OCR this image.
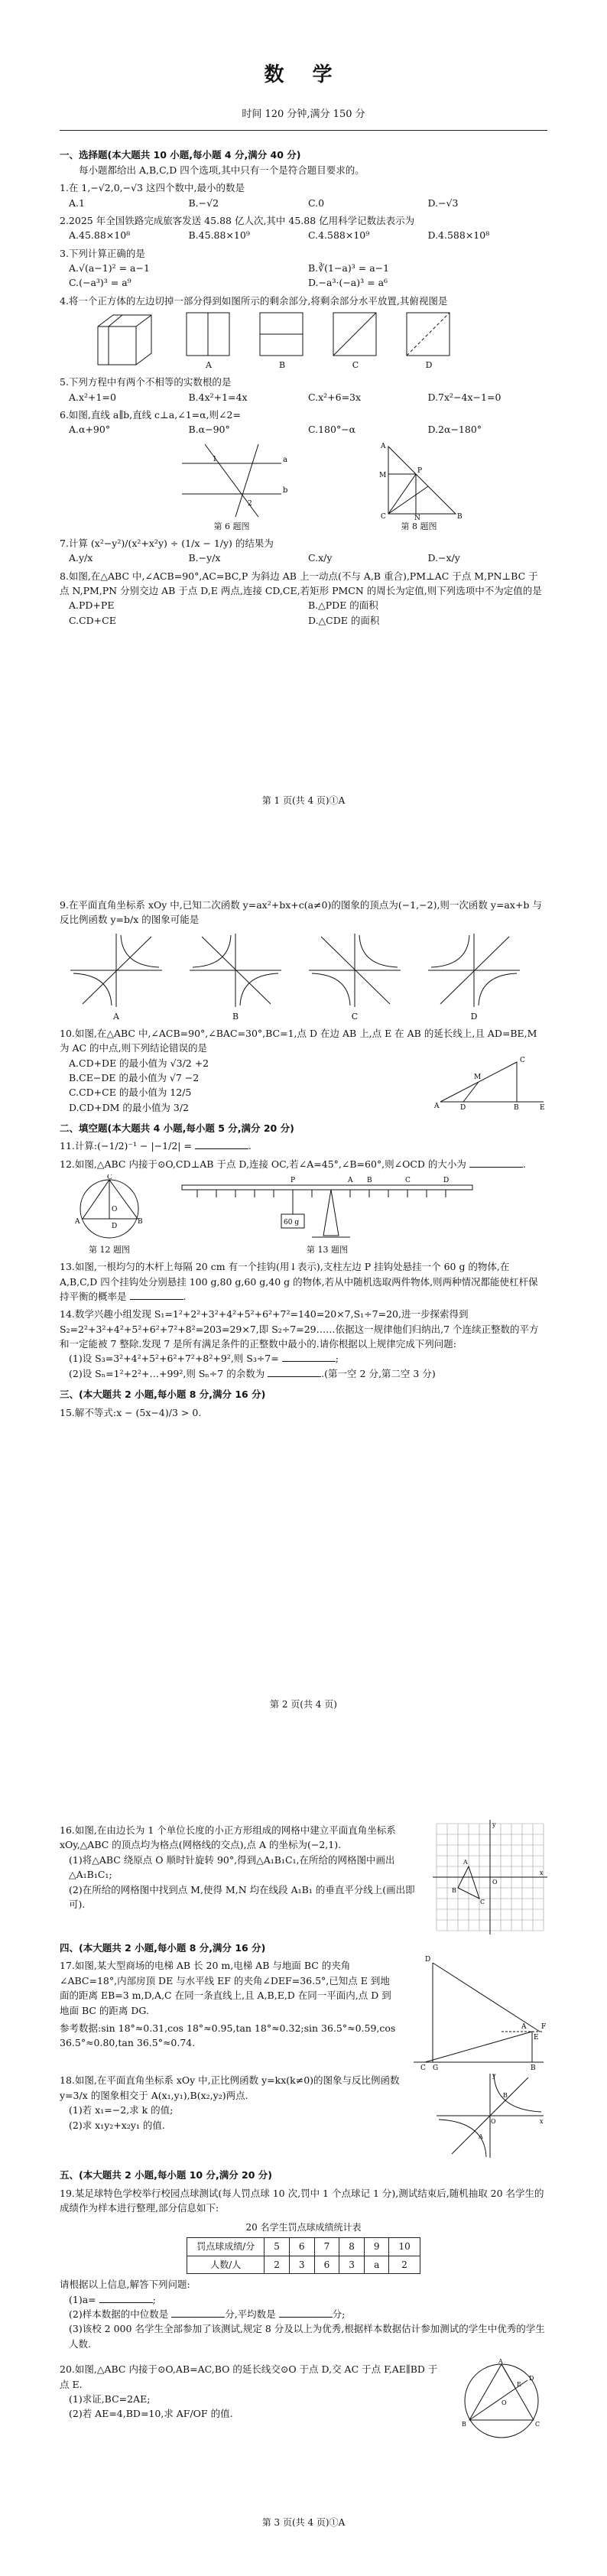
数 学
时间 120 分钟,满分 150 分
一、选择题(本大题共 10 小题,每小题 4 分,满分 40 分)
每小题都给出 A,B,C,D 四个选项,其中只有一个是符合题目要求的。
1.在 1,−√2,0,−√3 这四个数中,最小的数是
A.1	B.−√2	C.0	D.−√3
2.2025 年全国铁路完成旅客发送 45.88 亿人次,其中 45.88 亿用科学记数法表示为
A.45.88×10⁸	B.45.88×10⁹	C.4.588×10⁹	D.4.588×10⁸
3.下列计算正确的是
A.√(a−1)² = a−1	B.∛(1−a)³ = a−1
C.(−a³)³ = a⁹	D.−a³·(−a)³ = a⁶
4.将一个正方体的左边切掉一部分得到如图所示的剩余部分,将剩余部分水平放置,其俯视图是
A	B	C	D
5.下列方程中有两个不相等的实数根的是
A.x²+1=0	B.4x²+1=4x	C.x²+6=3x	D.7x²−4x−1=0
6.如图,直线 a∥b,直线 c⊥a,∠1=α,则∠2=
A.α+90°	B.α−90°	C.180°−α	D.2α−180°
a
b
1
2
第 6 题图
A
M
C	B
P
N
第 8 题图
7.计算 (x²−y²)/(x²+x²y) ÷ (1/x − 1/y) 的结果为
A.y/x	B.−y/x	C.x/y	D.−x/y
8.如图,在△ABC 中,∠ACB=90°,AC=BC,P 为斜边 AB 上一动点(不与 A,B 重合),PM⊥AC 于点 M,PN⊥BC 于点 N,PM,PN 分别交边 AB 于点 D,E 两点,连接 CD,CE,若矩形 PMCN 的周长为定值,则下列选项中不为定值的是
A.PD+PE	B.△PDE 的面积
C.CD+CE	D.△CDE 的面积
第 1 页(共 4 页)①A
9.在平面直角坐标系 xOy 中,已知二次函数 y=ax²+bx+c(a≠0)的图象的顶点为(−1,−2),则一次函数 y=ax+b 与反比例函数 y=b/x 的图象可能是
A	B	C	D
10.如图,在△ABC 中,∠ACB=90°,∠BAC=30°,BC=1,点 D 在边 AB 上,点 E 在 AB 的延长线上,且 AD=BE,M 为 AC 的中点,则下列结论错误的是
A.CD+DE 的最小值为 √3/2 +2
B.CE−DE 的最小值为 √7 −2
C.CD+CE 的最小值为 12/5
D.CD+DM 的最小值为 3/2	A
C
B	E
D
M
二、填空题(本大题共 4 小题,每小题 5 分,满分 20 分)
11.计算:(−1/2)⁻¹ − |−1/2| =	.
12.如图,△ABC 内接于⊙O,CD⊥AB 于点 D,连接 OC,若∠A=45°,∠B=60°,则∠OCD 的大小为	.
A	B
C
D
O
第 12 题图
P	A B	C	D
60 g
第 13 题图
13.如图,一根均匀的木杆上每隔 20 cm 有一个挂钩(用↓表示),支柱左边 P 挂钩处悬挂一个 60 g 的物体,在 A,B,C,D 四个挂钩处分别悬挂 100 g,80 g,60 g,40 g 的物体,若从中随机选取两件物体,则两种情况都能使杠杆保持平衡的概率是	.
14.数学兴趣小组发现 S₁=1²+2²+3²+4²+5²+6²+7²=140=20×7,S₁÷7=20,进一步探索得到 S₂=2²+3²+4²+5²+6²+7²+8²=203=29×7,即 S₂÷7=29……依据这一规律他们归纳出,7 个连续正整数的平方和一定能被 7 整除.发现 7 是所有满足条件的正整数中最小的.请你根据以上规律完成下列问题:
(1)设 S₃=3²+4²+5²+6²+7²+8²+9²,则 S₃÷7=	;
(2)设 Sₙ=1²+2²+…+99²,则 Sₙ÷7 的余数为	.(第一空 2 分,第二空 3 分)
三、(本大题共 2 小题,每小题 8 分,满分 16 分)
15.解不等式:x − (5x−4)/3 > 0.
第 2 页(共 4 页)
16.如图,在由边长为 1 个单位长度的小正方形组成的网格中建立平面直角坐标系 xOy,△ABC 的顶点均为格点(网格线的交点),点 A 的坐标为(−2,1).
(1)将△ABC 绕原点 O 顺时针旋转 90°,得到△A₁B₁C₁,在所给的网格图中画出△A₁B₁C₁;
(2)在所给的网格图中找到点 M,使得 M,N 均在线段 A₁B₁ 的垂直平分线上(画出即可).
A
B
C
O
x
y
四、(本大题共 2 小题,每小题 8 分,满分 16 分)
17.如图,某大型商场的电梯 AB 长 20 m,电梯 AB 与地面 BC 的夹角∠ABC=18°,内部房顶 DE 与水平线 EF 的夹角∠DEF=36.5°,已知点 E 到地面的距离 EB=3 m,D,A,C 在同一条直线上,且 A,B,E,D 在同一平面内,点 D 到地面 BC 的距离 DG.
参考数据:sin 18°≈0.31,cos 18°≈0.95,tan 18°≈0.32;sin 36.5°≈0.59,cos 36.5°≈0.80,tan 36.5°≈0.74.
D
A
E
F
C G	B
18.如图,在平面直角坐标系 xOy 中,正比例函数 y=kx(k≠0)的图象与反比例函数 y=3/x 的图象相交于 A(x₁,y₁),B(x₂,y₂)两点.
(1)若 x₁=−2,求 k 的值;
(2)求 x₁y₂+x₂y₁ 的值.	O	x
y
A
B
五、(本大题共 2 小题,每小题 10 分,满分 20 分)
19.某足球特色学校举行校园点球测试(每人罚点球 10 次,罚中 1 个点球记 1 分),测试结束后,随机抽取 20 名学生的成绩作为样本进行整理,部分信息如下:
20 名学生罚点球成绩统计表
罚点球成绩/分	5	6	7	8	9	10
人数/人	2	3	6	3	a	2
请根据以上信息,解答下列问题:
(1)a=	;
(2)样本数据的中位数是	分,平均数是	分;
(3)该校 2 000 名学生全部参加了该测试,规定 8 分及以上为优秀,根据样本数据估计参加测试的学生中优秀的学生人数.
20.如图,△ABC 内接于⊙O,AB=AC,BO 的延长线交⊙O 于点 D,交 AC 于点 F,AE∥BD 于点 E.
(1)求证,BC=2AE;
(2)若 AE=4,BD=10,求 AF/OF 的值.
A
B	C
D
O
E
第 3 页(共 4 页)①A
